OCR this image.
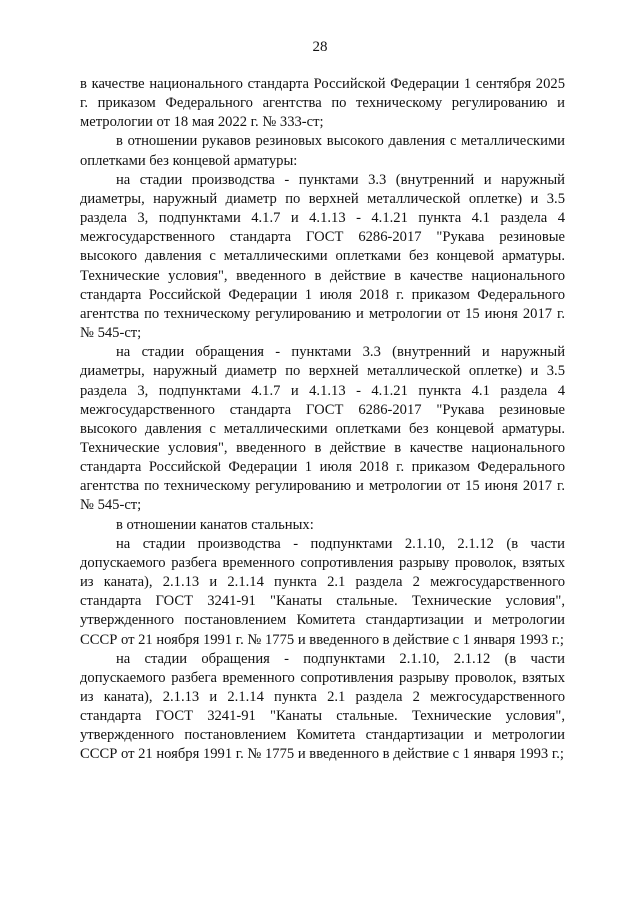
28

в качестве национального стандарта Российской Федерации 1 сентября 2025 г. приказом Федерального агентства по техническому регулированию и метрологии от 18 мая 2022 г. № 333-ст;

в отношении рукавов резиновых высокого давления с металлическими оплетками без концевой арматуры:

на стадии производства - пунктами 3.3 (внутренний и наружный диаметры, наружный диаметр по верхней металлической оплетке) и 3.5 раздела 3, подпунктами 4.1.7 и 4.1.13 - 4.1.21 пункта 4.1 раздела 4 межгосударственного стандарта ГОСТ 6286-2017 "Рукава резиновые высокого давления с металлическими оплетками без концевой арматуры. Технические условия", введенного в действие в качестве национального стандарта Российской Федерации 1 июля 2018 г. приказом Федерального агентства по техническому регулированию и метрологии от 15 июня 2017 г. № 545-ст;

на стадии обращения - пунктами 3.3 (внутренний и наружный диаметры, наружный диаметр по верхней металлической оплетке) и 3.5 раздела 3, подпунктами 4.1.7 и 4.1.13 - 4.1.21 пункта 4.1 раздела 4 межгосударственного стандарта ГОСТ 6286-2017 "Рукава резиновые высокого давления с металлическими оплетками без концевой арматуры. Технические условия", введенного в действие в качестве национального стандарта Российской Федерации 1 июля 2018 г. приказом Федерального агентства по техническому регулированию и метрологии от 15 июня 2017 г. № 545-ст;

в отношении канатов стальных:

на стадии производства - подпунктами 2.1.10, 2.1.12 (в части допускаемого разбега временного сопротивления разрыву проволок, взятых из каната), 2.1.13 и 2.1.14 пункта 2.1 раздела 2 межгосударственного стандарта ГОСТ 3241-91 "Канаты стальные. Технические условия", утвержденного постановлением Комитета стандартизации и метрологии СССР от 21 ноября 1991 г. № 1775 и введенного в действие с 1 января 1993 г.;

на стадии обращения - подпунктами 2.1.10, 2.1.12 (в части допускаемого разбега временного сопротивления разрыву проволок, взятых из каната), 2.1.13 и 2.1.14 пункта 2.1 раздела 2 межгосударственного стандарта ГОСТ 3241-91 "Канаты стальные. Технические условия", утвержденного постановлением Комитета стандартизации и метрологии СССР от 21 ноября 1991 г. № 1775 и введенного в действие с 1 января 1993 г.;
